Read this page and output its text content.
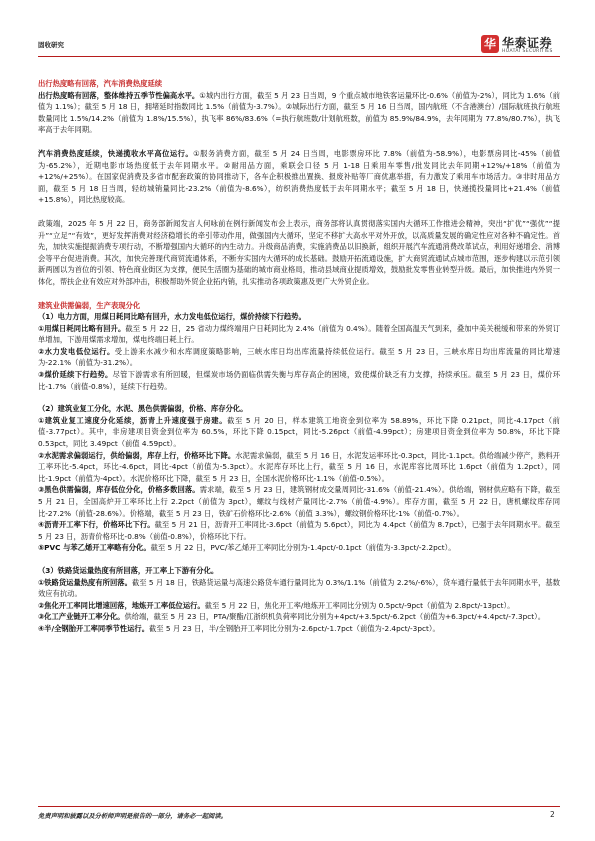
固收研究	华 华泰证券
HUATAI SECURITIES

出行热度略有回落，汽车消费热度延续

出行热度略有回落，整体维持五季节性偏高水平。①城内出行方面，截至 5 月 23 日当周，9 个重点城市地铁客运量环比-0.6%（前值为-2%），同比为 1.6%（前值为 1.1%）；截至 5 月 18 日，拥堵延时指数同比 1.5%（前值为-3.7%）。②城际出行方面，截至 5 月 16 日当周，国内航班（不含港澳台）/国际航班执行航班数量同比 1.5%/14.2%（前值为 1.8%/15.5%），执飞率 86%/83.6%（=执行航班数/计划航班数，前值为 85.9%/84.9%，去年同期为 77.8%/80.7%），执飞率高于去年同期。

汽车消费热度延续，快递揽收水平高位运行。①服务消费方面，截至 5 月 24 日当周，电影票房环比 7.8%（前值为-58.9%），电影票房同比-45%（前值为-65.2%），近期电影市场热度低于去年同期水平。②耐用品方面，乘联会口径 5 月 1-18 日乘用车零售/批发同比去年同期+12%/+18%（前值为+12%/+25%）。在国家促消费及多省市配套政策的协同推动下，各车企积极推出置换、报废补贴等厂商优惠举措，有力激发了乘用车市场活力。③非时用品方面，截至 5 月 18 日当周，轻纺城销量同比-23.2%（前值为-8.6%），纺织消费热度低于去年同期水平；截至 5 月 18 日，快递揽投量同比+21.4%（前值+15.8%），同比热度较高。

政策端，2025 年 5 月 22 日，商务部新闻发言人何咏前在例行新闻发布会上表示，商务部将认真贯彻落实国内大循环工作推进会精神，突出“扩优”“强优”“提升”“立足”“有效”，更好发挥消费对经济稳增长的牵引带动作用，做强国内大循环，坚定不移扩大高水平对外开放，以高质量发展的确定性应对各种不确定性。首先，加快实施提振消费专项行动，不断增强国内大循环的内生动力。升级商品消费，实施消费品以旧换新，组织开展汽车流通消费改革试点，利用好递增会、消博会等平台促进消费。其次，加快完善现代商贸流通体系，不断夯实国内大循环的成长基础。鼓励开拓流通设施，扩大商贸流通试点城市范围，逐步构建以示范引领新两圆以为首位的引领、特色商业街区为支撑，便民生活圈为基础的城市商业格局，推动县域商业提质增效，鼓励批发零售业转型升级。最后，加快推进内外贸一体化，帮扶企业有效应对外部冲击，积极帮助外贸企业拓内销，扎实推动各项政策惠及更广大外贸企业。

建筑业供需偏弱，生产表现分化

（1）电力方面，用煤日耗同比略有回升，水力发电低位运行，煤价持续下行趋势。

①用煤日耗同比略有回升。截至 5 月 22 日，25 省动力煤终端用户日耗同比为 2.4%（前值为 0.4%）。随着全国高温天气到来，叠加中美关税缓和带来的外贸订单增加，下游用煤需求增加，煤电终端日耗上行。

②水力发电低位运行。受上游来水减少和水库调度策略影响，三峡水库日均出库流量持续低位运行。截至 5 月 23 日，三峡水库日均出库流量的同比增速为-22.1%（前值为-31.2%）。

③煤价延续下行趋势。尽管下游需求有所回暖，但煤炭市场仍面临供需失衡与库存高企的困境，致使煤价缺乏有力支撑，持续承压。截至 5 月 23 日，煤价环比-1.7%（前值-0.8%），延续下行趋势。

（2）建筑业复工分化，水泥、黑色供需偏弱，价格、库存分化。

①建筑业复工速度分化延续，沥青上升速度强于房建。截至 5 月 20 日，样本建筑工地资金到位率为 58.89%，环比下降 0.21pct，同比-4.17pct（前值-3.77pct）。其中，非房建项目资金到位率为 60.5%，环比下降 0.15pct，同比-5.26pct（前值-4.99pct）；房建项目资金到位率为 50.8%，环比下降 0.53pct，同比 3.49pct（前值 4.59pct）。

②水泥需求偏弱运行，供给偏弱，库存上行，价格环比下降。水泥需求偏弱，截至 5 月 16 日，水泥发运率环比-0.3pct，同比-1.1pct。供给端减少停产，熟料开工率环比-5.4pct，环比-4.6pct，同比-4pct（前值为-5.3pct）。水泥库存环比上行，截至 5 月 16 日，水泥库容比周环比 1.6pct（前值为 1.2pct），同比-1.9pct（前值为-4pct）。水泥价格环比下降，截至 5 月 23 日，全国水泥价格环比-1.1%（前值-0.5%）。

③黑色供需偏弱，库存低位分化，价格多数回落。需求端，截至 5 月 23 日，建筑钢材成交量周同比-31.6%（前值-21.4%）。供给端，钢材供应略有下降，截至 5 月 21 日，全国高炉开工率环比上行 2.2pct（前值为 3pct），螺纹与线材产量同比-2.7%（前值-4.9%）。库存方面，截至 5 月 22 日，唐机螺纹库存同比-27.2%（前值-28.6%）。价格端，截至 5 月 23 日，铁矿石价格环比-2.6%（前值 3.3%），螺纹钢价格环比-1%（前值-0.7%）。

④沥青开工率下行，价格环比下行。截至 5 月 21 日，沥青开工率同比-3.6pct（前值为 5.6pct），同比为 4.4pct（前值为 8.7pct），已强于去年同期水平。截至 5 月 23 日，沥青价格环比-0.8%（前值-0.8%），价格环比下行。

⑤PVC 与苯乙烯开工率略有分化。截至 5 月 22 日，PVC/苯乙烯开工率同比分别为-1.4pct/-0.1pct（前值为-3.3pct/-2.2pct）。

（3）铁路货运量热度有所回落，开工率上下游有分化。

①铁路货运量热度有所回落。截至 5 月 18 日，铁路货运量与高速公路货车通行量同比为 0.3%/1.1%（前值为 2.2%/-6%），货车通行量低于去年同期水平，基数效应有抗动。

②焦化开工率同比增速回落，地炼开工率低位运行。截至 5 月 22 日，焦化开工率/地炼开工率同比分别为 0.5pct/-9pct（前值为 2.8pct/-13pct）。

③化工产业链开工率分化。供给端，截至 5 月 23 日，PTA/聚酯/江浙织机负荷率同比分别为+4pct/+3.5pct/-6.2pct（前值为+6.3pct/+4.4pct/-7.3pct）。

④半/全钢胎开工率同季节性运行。截至 5 月 23 日，半/全钢胎开工率同比分别为-2.6pct/-1.7pct（前值为-2.4pct/-3pct）。

免责声明和披露以及分析师声明是报告的一部分，请务必一起阅读。	2
